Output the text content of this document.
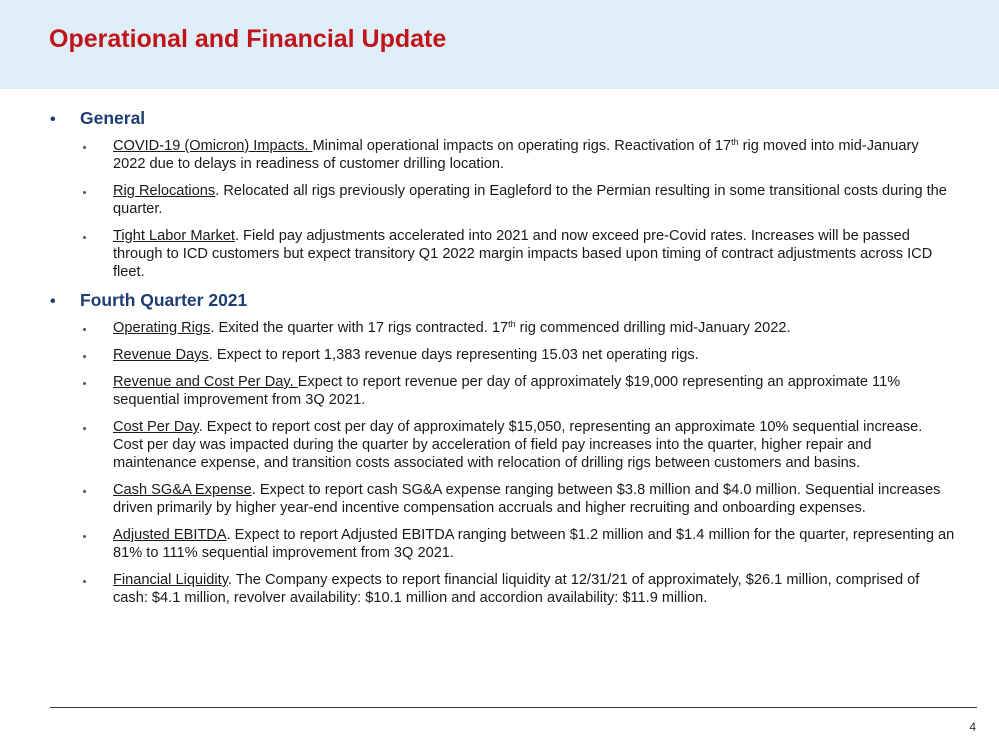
Operational and Financial Update
•	General
COVID-19 (Omicron) Impacts. Minimal operational impacts on operating rigs. Reactivation of 17th rig moved into mid-January 2022 due to delays in readiness of customer drilling location.
Rig Relocations. Relocated all rigs previously operating in Eagleford to the Permian resulting in some transitional costs during the quarter.
Tight Labor Market. Field pay adjustments accelerated into 2021 and now exceed pre-Covid rates. Increases will be passed through to ICD customers but expect transitory Q1 2022 margin impacts based upon timing of contract adjustments across ICD fleet.
•	Fourth Quarter 2021
Operating Rigs. Exited the quarter with 17 rigs contracted. 17th rig commenced drilling mid-January 2022.
Revenue Days. Expect to report 1,383 revenue days representing 15.03 net operating rigs.
Revenue and Cost Per Day. Expect to report revenue per day of approximately $19,000 representing an approximate 11% sequential improvement from 3Q 2021.
Cost Per Day. Expect to report cost per day of approximately $15,050, representing an approximate 10% sequential increase. Cost per day was impacted during the quarter by acceleration of field pay increases into the quarter, higher repair and maintenance expense, and transition costs associated with relocation of drilling rigs between customers and basins.
Cash SG&A Expense. Expect to report cash SG&A expense ranging between $3.8 million and $4.0 million. Sequential increases driven primarily by higher year-end incentive compensation accruals and higher recruiting and onboarding expenses.
Adjusted EBITDA. Expect to report Adjusted EBITDA ranging between $1.2 million and $1.4 million for the quarter, representing an 81% to 111% sequential improvement from 3Q 2021.
Financial Liquidity. The Company expects to report financial liquidity at 12/31/21 of approximately, $26.1 million, comprised of cash: $4.1 million, revolver availability: $10.1 million and accordion availability: $11.9 million.
4
